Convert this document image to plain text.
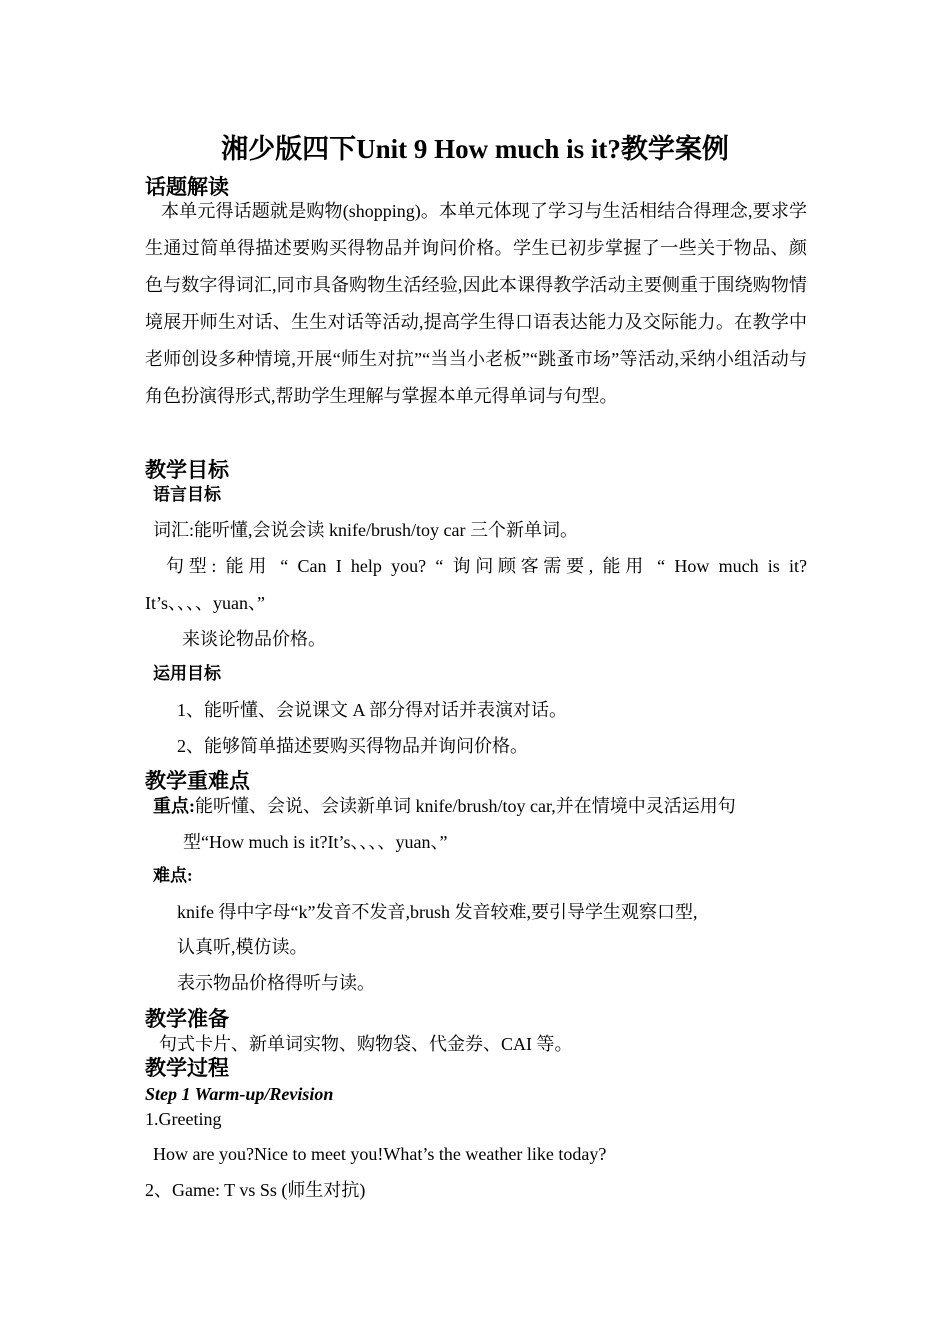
湘少版四下Unit 9 How much is it?教学案例
话题解读
本单元得话题就是购物(shopping)。本单元体现了学习与生活相结合得理念,要求学生通过简单得描述要购买得物品并询问价格。学生已初步掌握了一些关于物品、颜色与数字得词汇,同市具备购物生活经验,因此本课得教学活动主要侧重于围绕购物情境展开师生对话、生生对话等活动,提高学生得口语表达能力及交际能力。在教学中老师创设多种情境,开展“师生对抗”“当当小老板”“跳蚤市场”等活动,采纳小组活动与角色扮演得形式,帮助学生理解与掌握本单元得单词与句型。
教学目标
语言目标
词汇:能听懂,会说会读 knife/brush/toy car 三个新单词。
句型: 能用 “ Can I help you? “ 询问顾客需要, 能用 “ How much is it?
It’s、、、、yuan、”
来谈论物品价格。
运用目标
1、能听懂、会说课文 A 部分得对话并表演对话。
2、能够简单描述要购买得物品并询问价格。
教学重难点
重点:能听懂、会说、会读新单词 knife/brush/toy car,并在情境中灵活运用句
型“How much is it?It’s、、、、yuan、”
难点:
knife 得中字母“k”发音不发音,brush 发音较难,要引导学生观察口型,
认真听,模仿读。
表示物品价格得听与读。
教学准备
句式卡片、新单词实物、购物袋、代金券、CAI 等。
教学过程
Step 1 Warm-up/Revision
1.Greeting
How are you?Nice to meet you!What’s the weather like today?
2、Game: T vs Ss (师生对抗)
